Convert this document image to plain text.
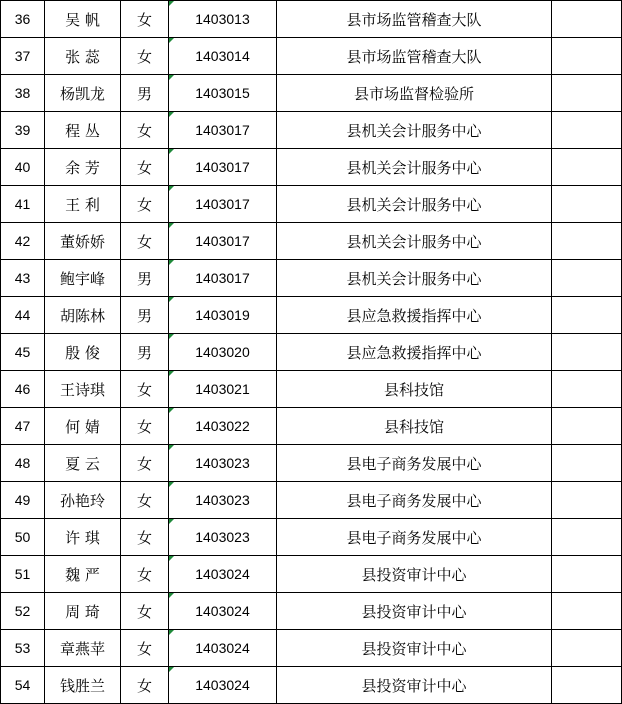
36	吴 帆	女	1403013	县市场监管稽查大队	
37	张 蕊	女	1403014	县市场监管稽查大队	
38	杨凯龙	男	1403015	县市场监督检验所	
39	程 丛	女	1403017	县机关会计服务中心	
40	余 芳	女	1403017	县机关会计服务中心	
41	王 利	女	1403017	县机关会计服务中心	
42	董娇娇	女	1403017	县机关会计服务中心	
43	鲍宇峰	男	1403017	县机关会计服务中心	
44	胡陈林	男	1403019	县应急救援指挥中心	
45	殷 俊	男	1403020	县应急救援指挥中心	
46	王诗琪	女	1403021	县科技馆	
47	何 婧	女	1403022	县科技馆	
48	夏 云	女	1403023	县电子商务发展中心	
49	孙艳玲	女	1403023	县电子商务发展中心	
50	许 琪	女	1403023	县电子商务发展中心	
51	魏 严	女	1403024	县投资审计中心	
52	周 琦	女	1403024	县投资审计中心	
53	章燕苹	女	1403024	县投资审计中心	
54	钱胜兰	女	1403024	县投资审计中心	
